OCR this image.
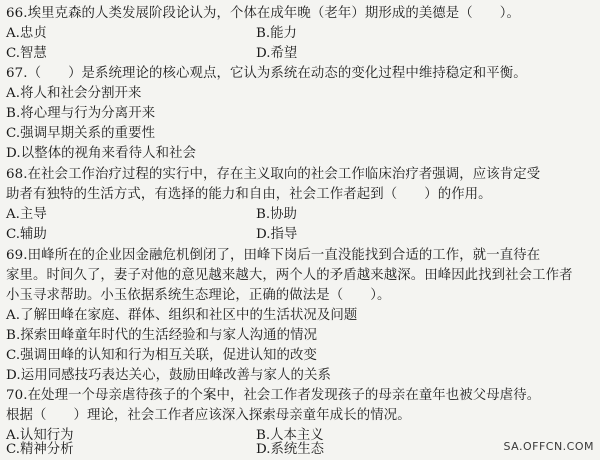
66.埃里克森的人类发展阶段论认为，个体在成年晚（老年）期形成的美德是（　　）。
A.忠贞	B.能力
C.智慧	D.希望
67.（　　）是系统理论的核心观点，它认为系统在动态的变化过程中维持稳定和平衡。
A.将人和社会分割开来
B.将心理与行为分离开来
C.强调早期关系的重要性
D.以整体的视角来看待人和社会
68.在社会工作治疗过程的实行中，存在主义取向的社会工作临床治疗者强调，应该肯定受
助者有独特的生活方式，有选择的能力和自由，社会工作者起到（　　）的作用。
A.主导	B.协助
C.辅助	D.指导
69.田峰所在的企业因金融危机倒闭了，田峰下岗后一直没能找到合适的工作，就一直待在
家里。时间久了，妻子对他的意见越来越大，两个人的矛盾越来越深。田峰因此找到社会工作者
小玉寻求帮助。小玉依据系统生态理论，正确的做法是（　　）。
A.了解田峰在家庭、群体、组织和社区中的生活状况及问题
B.探索田峰童年时代的生活经验和与家人沟通的情况
C.强调田峰的认知和行为相互关联，促进认知的改变
D.运用同感技巧表达关心，鼓励田峰改善与家人的关系
70.在处理一个母亲虐待孩子的个案中，社会工作者发现孩子的母亲在童年也被父母虐待。
根据（　　）理论，社会工作者应该深入探索母亲童年成长的情况。
A.认知行为	B.人本主义
C.精神分析	D.系统生态	SA.OFFCN.COM
